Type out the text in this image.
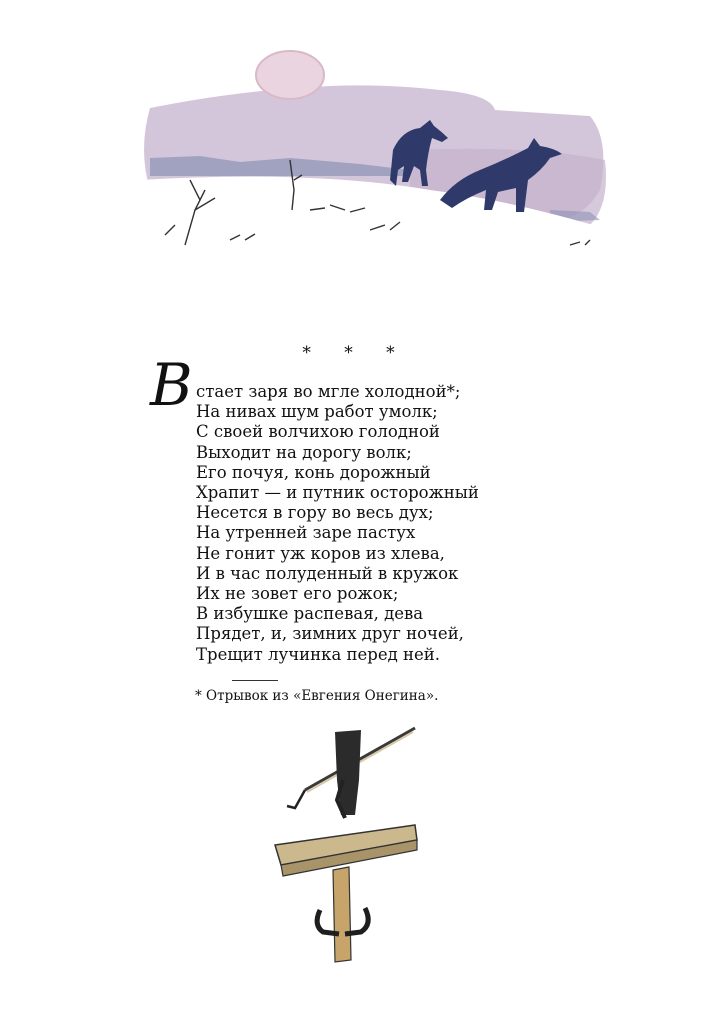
* * *
В стает заря во мгле холодной*;
На нивах шум работ умолк;
С своей волчихою голодной
Выходит на дорогу волк;
Его почуя, конь дорожный
Храпит — и путник осторожный
Несется в гору во весь дух;
На утренней заре пастух
Не гонит уж коров из хлева,
И в час полуденный в кружок
Их не зовет его рожок;
В избушке распевая, дева
Прядет, и, зимних друг ночей,
Трещит лучинка перед ней.
* Отрывок из «Евгения Онегина».
